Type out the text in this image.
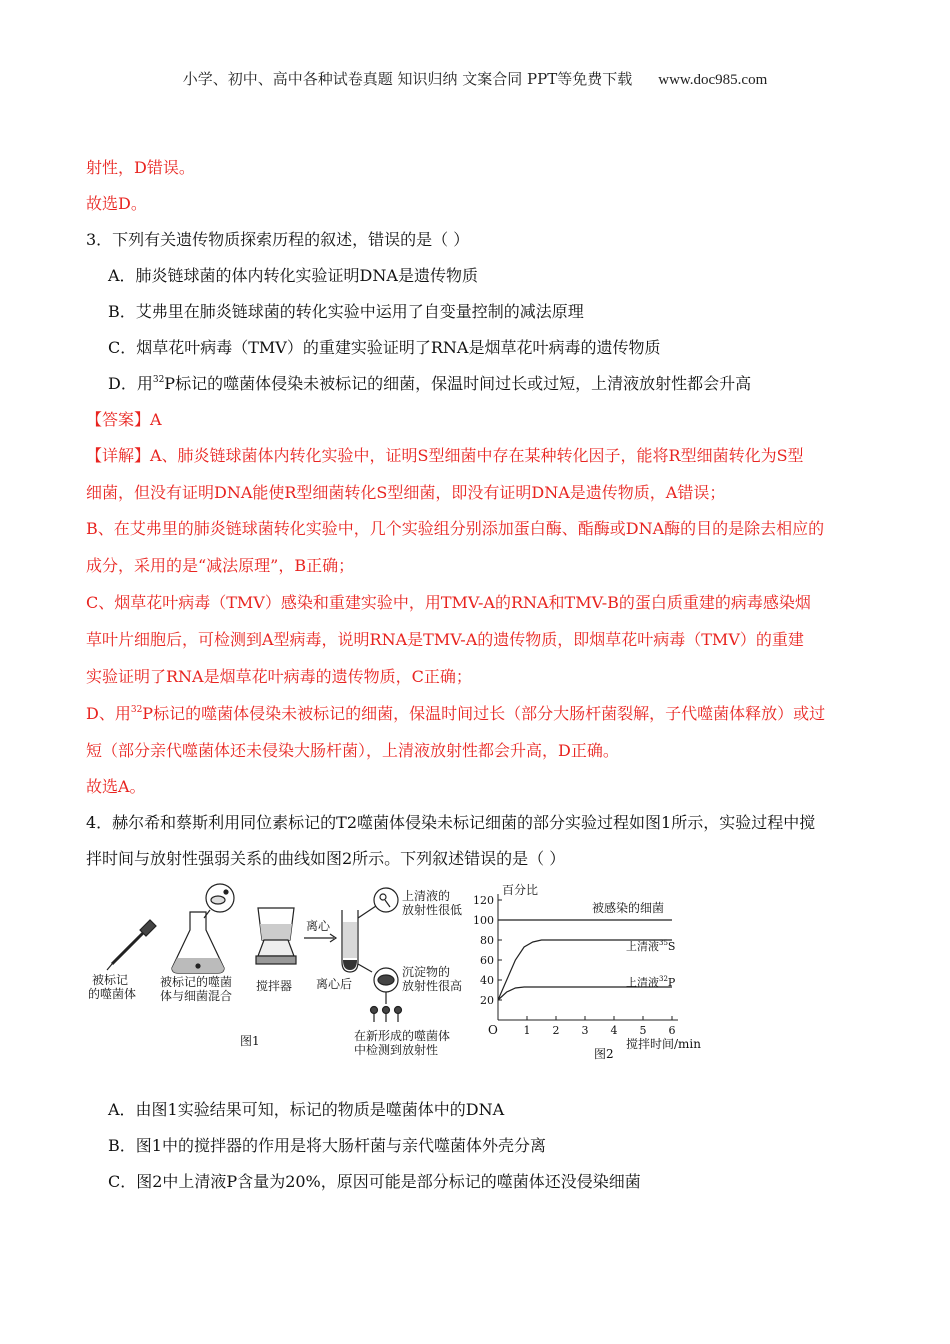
小学、初中、高中各种试卷真题 知识归纳 文案合同 PPT等免费下载 www.doc985.com
射性，D错误。
故选D。
3．下列有关遗传物质探索历程的叙述，错误的是（ ）
A．肺炎链球菌的体内转化实验证明DNA是遗传物质
B．艾弗里在肺炎链球菌的转化实验中运用了自变量控制的减法原理
C．烟草花叶病毒（TMV）的重建实验证明了RNA是烟草花叶病毒的遗传物质
D．用$^{32}$P标记的噬菌体侵染未被标记的细菌，保温时间过长或过短，上清液放射性都会升高
【答案】A
【详解】A、肺炎链球菌体内转化实验中，证明S型细菌中存在某种转化因子，能将R型细菌转化为S型
细菌，但没有证明DNA能使R型细菌转化S型细菌，即没有证明DNA是遗传物质，A错误；
B、在艾弗里的肺炎链球菌转化实验中，几个实验组分别添加蛋白酶、酯酶或DNA酶的目的是除去相应的
成分，采用的是“减法原理”，B正确；
C、烟草花叶病毒（TMV）感染和重建实验中，用TMV-A的RNA和TMV-B的蛋白质重建的病毒感染烟
草叶片细胞后，可检测到A型病毒，说明RNA是TMV-A的遗传物质，即烟草花叶病毒（TMV）的重建
实验证明了RNA是烟草花叶病毒的遗传物质，C正确；
D、用$^{32}$P标记的噬菌体侵染未被标记的细菌，保温时间过长（部分大肠杆菌裂解，子代噬菌体释放）或过
短（部分亲代噬菌体还未侵染大肠杆菌），上清液放射性都会升高，D正确。
故选A。
4．赫尔希和蔡斯利用同位素标记的T2噬菌体侵染未标记细菌的部分实验过程如图1所示，实验过程中搅
拌时间与放射性强弱关系的曲线如图2所示。下列叙述错误的是（ ）
被标记
的噬菌体
被标记的噬菌
体与细菌混合
搅拌器
离心
离心后
上清液的
放射性很低
沉淀物的
放射性很高
在新形成的噬菌体
中检测到放射性
图1
20
40
60
80
100
120
1 2 3 4 5 6
百分比
搅拌时间/min
O
被感染的细菌
上清液$^{35}$S
上清液$^{32}$P
图2
A．由图1实验结果可知，标记的物质是噬菌体中的DNA
B．图1中的搅拌器的作用是将大肠杆菌与亲代噬菌体外壳分离
C．图2中上清液P含量为20%，原因可能是部分标记的噬菌体还没侵染细菌
